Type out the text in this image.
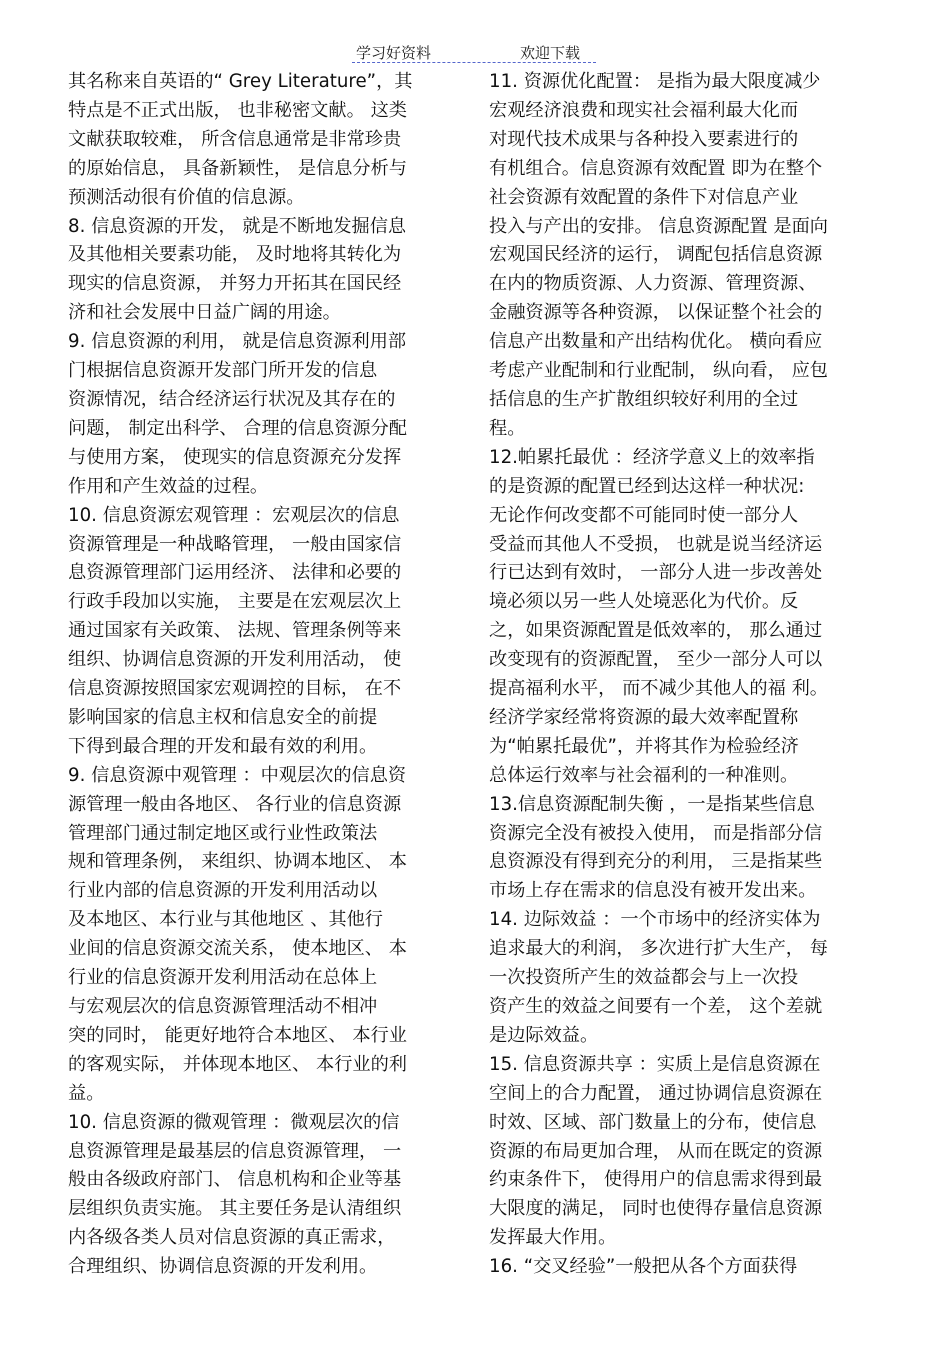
学习好资料	欢迎下载
其名称来自英语的“ Grey Literature”，其
特点是不正式出版， 也非秘密文献。 这类
文献获取较难， 所含信息通常是非常珍贵
的原始信息， 具备新颖性， 是信息分析与
预测活动很有价值的信息源。
8. 信息资源的开发， 就是不断地发掘信息
及其他相关要素功能， 及时地将其转化为
现实的信息资源， 并努力开拓其在国民经
济和社会发展中日益广阔的用途。
9. 信息资源的利用， 就是信息资源利用部
门根据信息资源开发部门所开发的信息
资源情况，结合经济运行状况及其存在的
问题， 制定出科学、 合理的信息资源分配
与使用方案， 使现实的信息资源充分发挥
作用和产生效益的过程。
10. 信息资源宏观管理 ：宏观层次的信息
资源管理是一种战略管理， 一般由国家信
息资源管理部门运用经济、 法律和必要的
行政手段加以实施， 主要是在宏观层次上
通过国家有关政策、 法规、管理条例等来
组织、协调信息资源的开发利用活动， 使
信息资源按照国家宏观调控的目标， 在不
影响国家的信息主权和信息安全的前提
下得到最合理的开发和最有效的利用。
9. 信息资源中观管理 ：中观层次的信息资
源管理一般由各地区、 各行业的信息资源
管理部门通过制定地区或行业性政策法
规和管理条例， 来组织、协调本地区、 本
行业内部的信息资源的开发利用活动以
及本地区、本行业与其他地区 、其他行
业间的信息资源交流关系， 使本地区、 本
行业的信息资源开发利用活动在总体上
与宏观层次的信息资源管理活动不相冲
突的同时， 能更好地符合本地区、 本行业
的客观实际， 并体现本地区、 本行业的利
益。
10. 信息资源的微观管理 ：微观层次的信
息资源管理是最基层的信息资源管理， 一
般由各级政府部门、 信息机构和企业等基
层组织负责实施。 其主要任务是认清组织
内各级各类人员对信息资源的真正需求，
合理组织、协调信息资源的开发利用。
11. 资源优化配置： 是指为最大限度减少
宏观经济浪费和现实社会福利最大化而
对现代技术成果与各种投入要素进行的
有机组合。信息资源有效配置 即为在整个
社会资源有效配置的条件下对信息产业
投入与产出的安排。 信息资源配置 是面向
宏观国民经济的运行， 调配包括信息资源
在内的物质资源、人力资源、管理资源、
金融资源等各种资源， 以保证整个社会的
信息产出数量和产出结构优化。 横向看应
考虑产业配制和行业配制， 纵向看， 应包
括信息的生产扩散组织较好利用的全过
程。
12.帕累托最优 ：经济学意义上的效率指
的是资源的配置已经到达这样一种状况:
无论作何改变都不可能同时使一部分人
受益而其他人不受损， 也就是说当经济运
行已达到有效时， 一部分人进一步改善处
境必须以另一些人处境恶化为代价。反
之，如果资源配置是低效率的， 那么通过
改变现有的资源配置， 至少一部分人可以
提高福利水平， 而不减少其他人的福 利。
经济学家经常将资源的最大效率配置称
为“帕累托最优”，并将其作为检验经济
总体运行效率与社会福利的一种准则。
13.信息资源配制失衡 ，一是指某些信息
资源完全没有被投入使用， 而是指部分信
息资源没有得到充分的利用， 三是指某些
市场上存在需求的信息没有被开发出来。
14. 边际效益 ：一个市场中的经济实体为
追求最大的利润， 多次进行扩大生产， 每
一次投资所产生的效益都会与上一次投
资产生的效益之间要有一个差， 这个差就
是边际效益。
15. 信息资源共享 ：实质上是信息资源在
空间上的合力配置， 通过协调信息资源在
时效、区域、部门数量上的分布，使信息
资源的布局更加合理， 从而在既定的资源
约束条件下， 使得用户的信息需求得到最
大限度的满足， 同时也使得存量信息资源
发挥最大作用。
16. “交叉经验”一般把从各个方面获得
